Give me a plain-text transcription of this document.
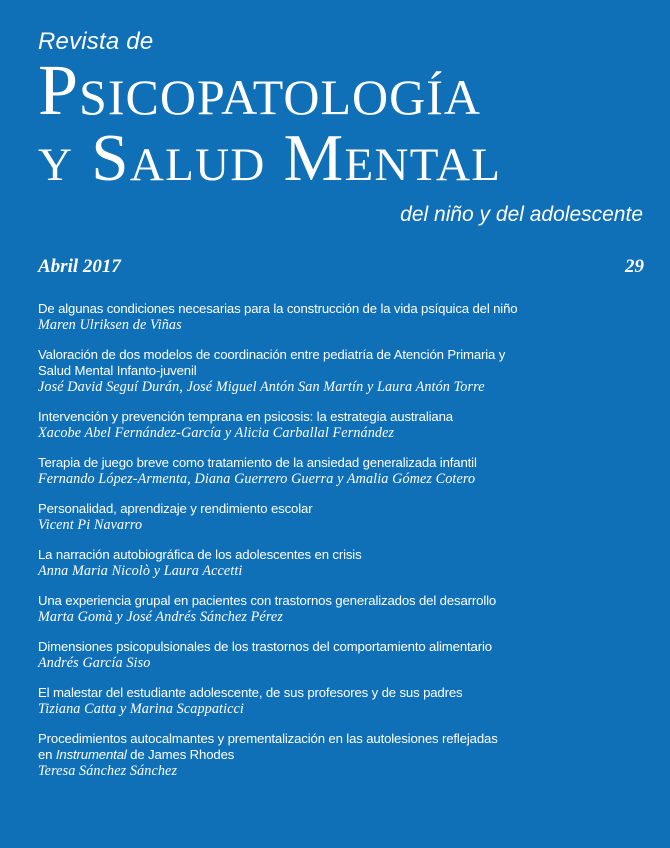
Revista de
Psicopatología
y Salud Mental
del niño y del adolescente
Abril 2017	29
De algunas condiciones necesarias para la construcción de la vida psíquica del niño
Maren Ulriksen de Viñas
Valoración de dos modelos de coordinación entre pediatría de Atención Primaria y
Salud Mental Infanto-juvenil
José David Seguí Durán, José Miguel Antón San Martín y Laura Antón Torre
Intervención y prevención temprana en psicosis: la estrategia australiana
Xacobe Abel Fernández-García y Alicia Carballal Fernández
Terapia de juego breve como tratamiento de la ansiedad generalizada infantil
Fernando López-Armenta, Diana Guerrero Guerra y Amalia Gómez Cotero
Personalidad, aprendizaje y rendimiento escolar
Vicent Pi Navarro
La narración autobiográfica de los adolescentes en crisis
Anna Maria Nicolò y Laura Accetti
Una experiencia grupal en pacientes con trastornos generalizados del desarrollo
Marta Gomà y José Andrés Sánchez Pérez
Dimensiones psicopulsionales de los trastornos del comportamiento alimentario
Andrés García Siso
El malestar del estudiante adolescente, de sus profesores y de sus padres
Tiziana Catta y Marina Scappaticci
Procedimientos autocalmantes y prementalización en las autolesiones reflejadas
en Instrumental de James Rhodes
Teresa Sánchez Sánchez
